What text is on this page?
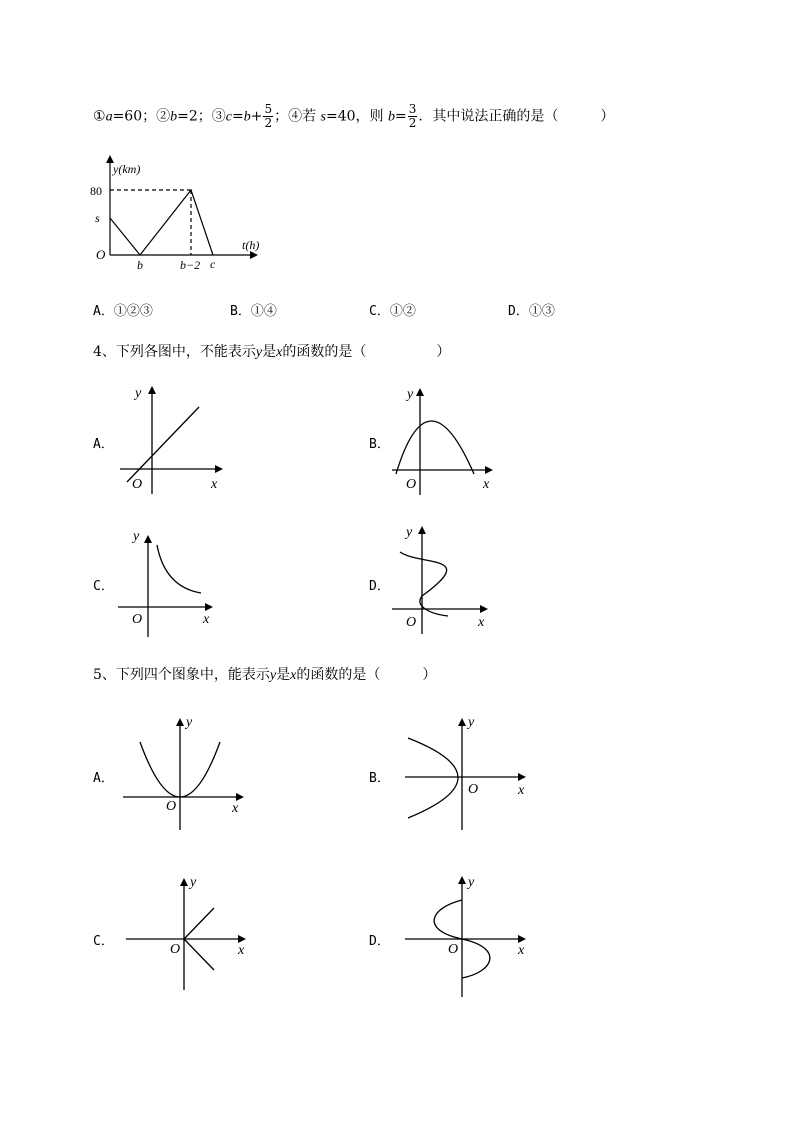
①a=60；②b=2；③c=b+ $\frac{5}{2}$ ；④若 s=40，则 $b= \frac{3}{2}$ ．其中说法正确的是（　　　）
y(km)
t(h)
80
s
O
b	b−2 c
A．①②③	B．①④	C．①②	D．①③
4、下列各图中，不能表示y是x的函数的是（　　　　　）
A．
y
x
O
B．
y
x
O
C．
y
x
O
D．
y
x
O
5、下列四个图象中，能表示y是x的函数的是（　　　）
A．
y
x
O
B．
y
x
O
C．
y
x
O
D．
y
x
O
